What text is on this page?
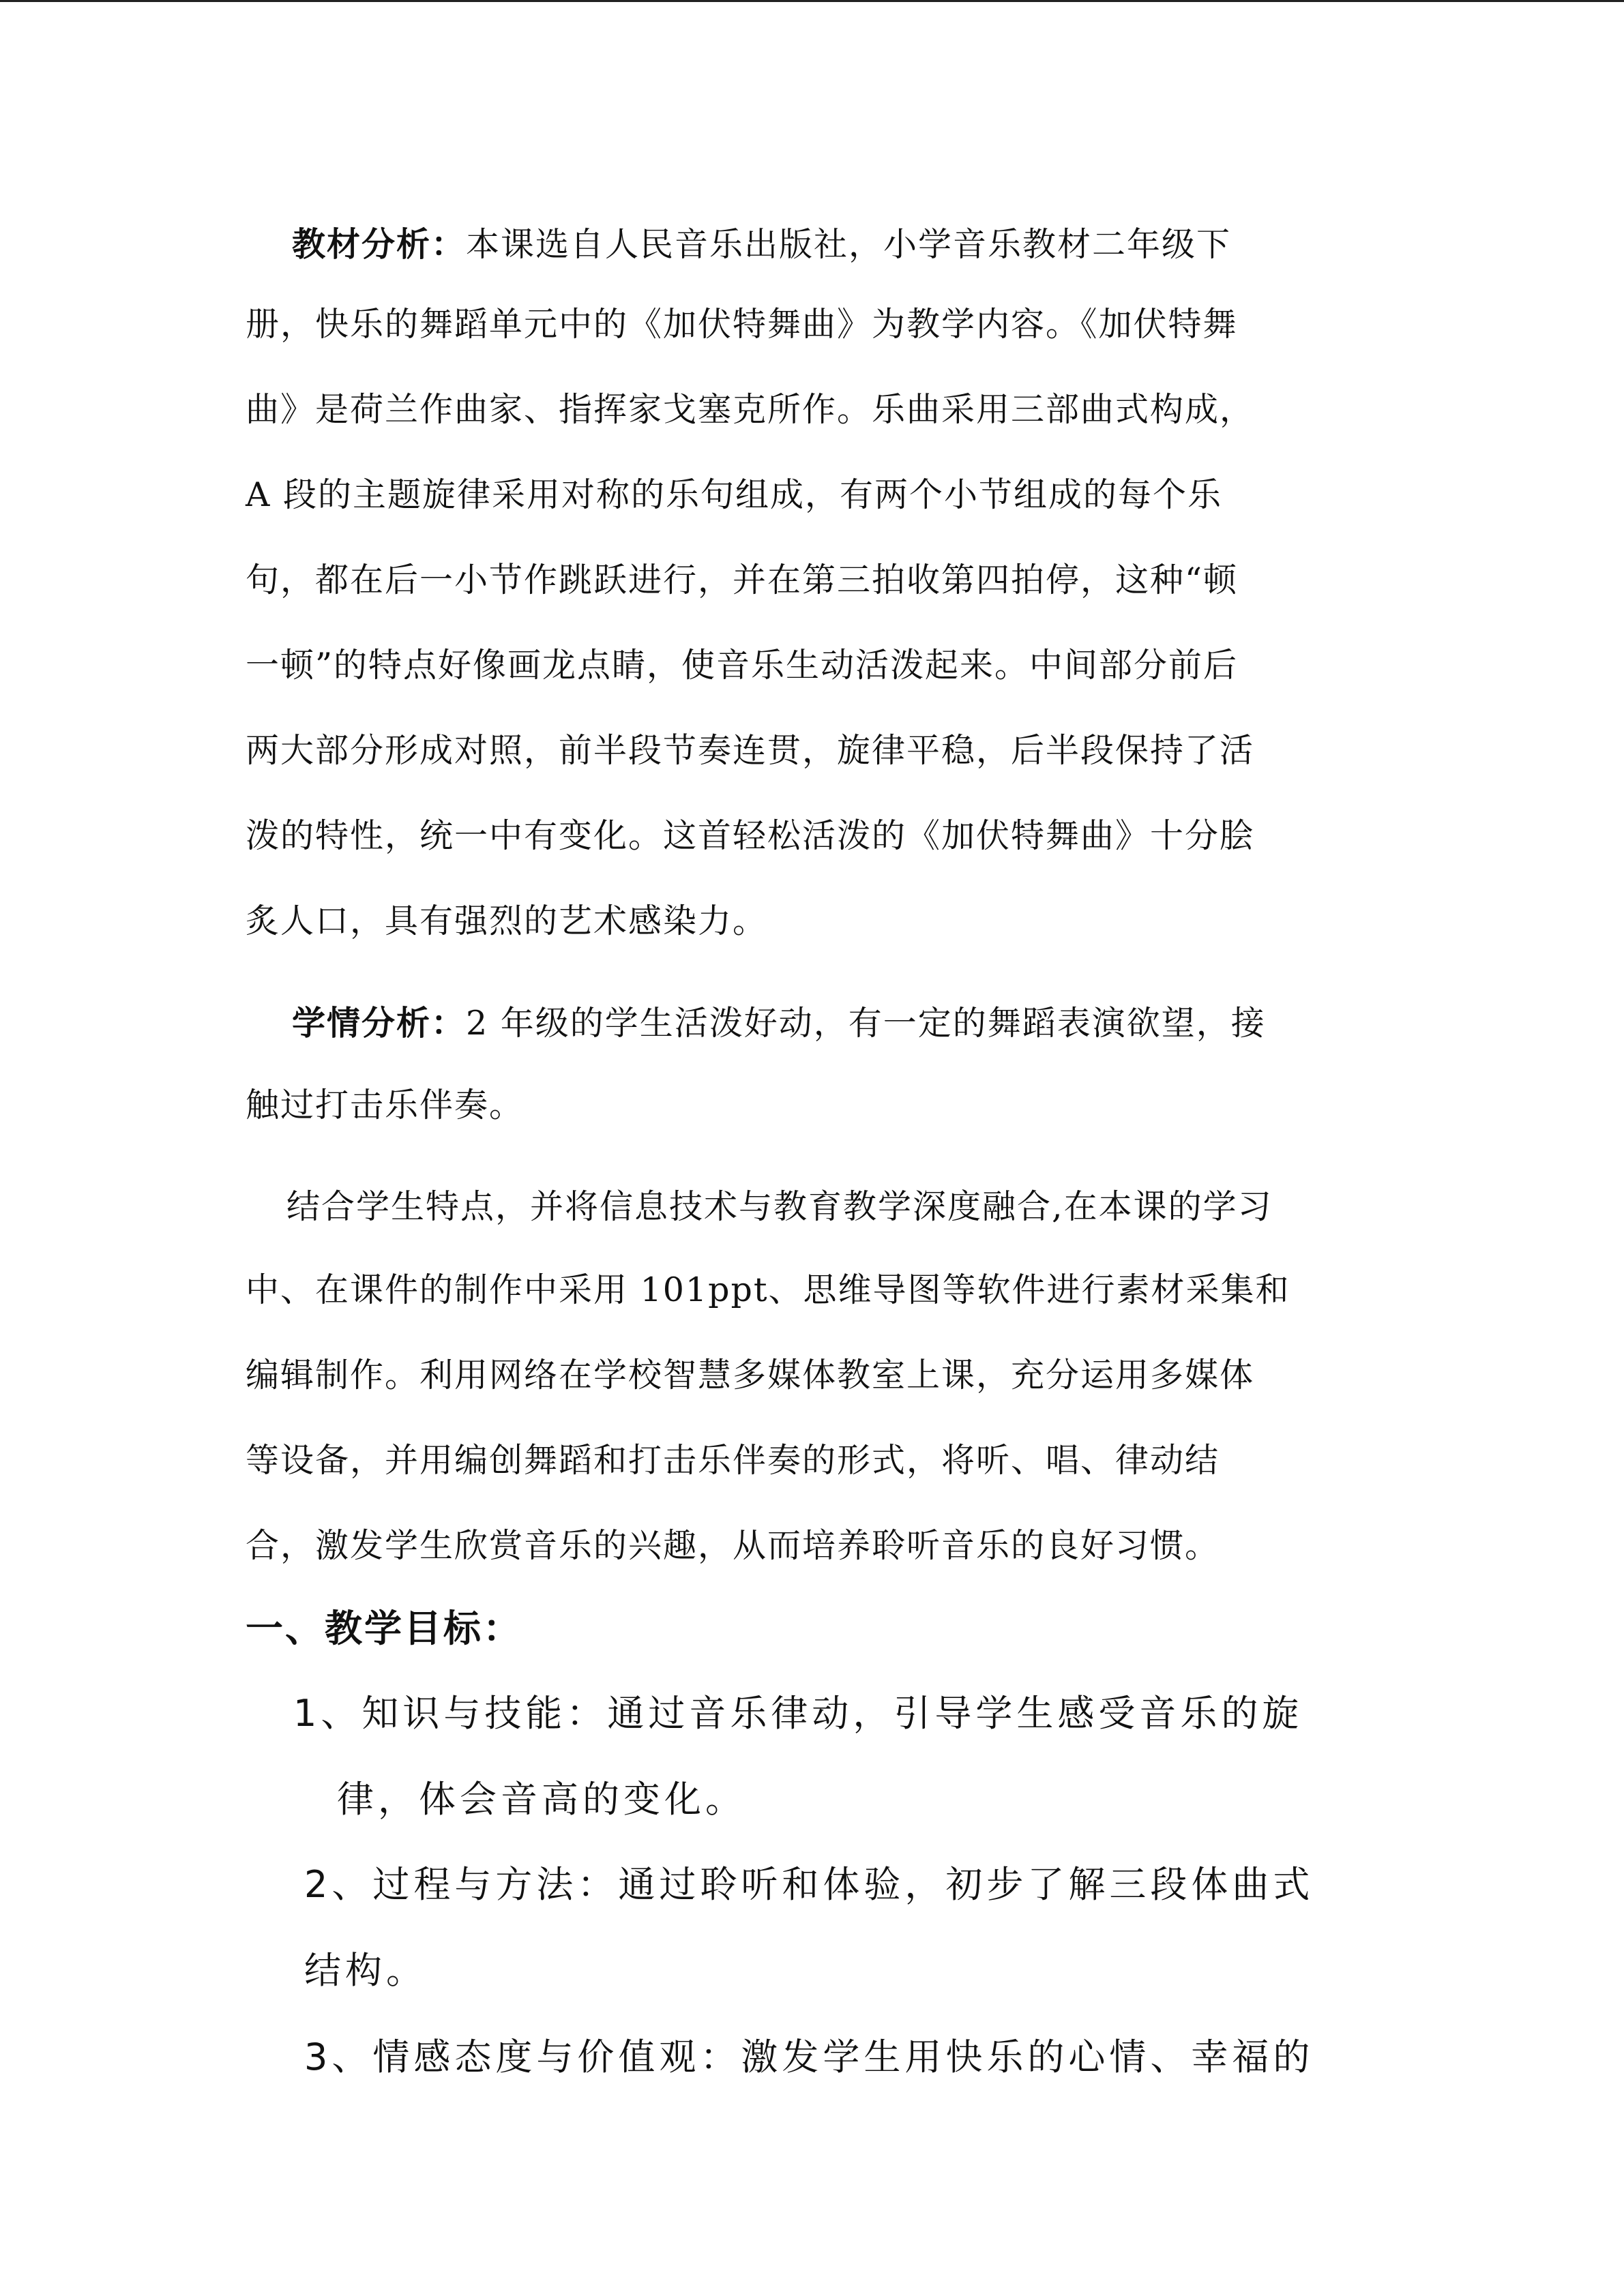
教材分析：本课选自人民音乐出版社，小学音乐教材二年级下
册，快乐的舞蹈单元中的《加伏特舞曲》为教学内容。《加伏特舞
曲》是荷兰作曲家、指挥家戈塞克所作。乐曲采用三部曲式构成，
A 段的主题旋律采用对称的乐句组成，有两个小节组成的每个乐
句，都在后一小节作跳跃进行，并在第三拍收第四拍停，这种“顿
一顿”的特点好像画龙点睛，使音乐生动活泼起来。中间部分前后
两大部分形成对照，前半段节奏连贯，旋律平稳，后半段保持了活
泼的特性，统一中有变化。这首轻松活泼的《加伏特舞曲》十分脍
炙人口，具有强烈的艺术感染力。
学情分析：2 年级的学生活泼好动，有一定的舞蹈表演欲望，接
触过打击乐伴奏。
结合学生特点，并将信息技术与教育教学深度融合,在本课的学习
中、在课件的制作中采用 101ppt、思维导图等软件进行素材采集和
编辑制作。利用网络在学校智慧多媒体教室上课，充分运用多媒体
等设备，并用编创舞蹈和打击乐伴奏的形式，将听、唱、律动结
合，激发学生欣赏音乐的兴趣，从而培养聆听音乐的良好习惯。
一、教学目标：
1、知识与技能：通过音乐律动，引导学生感受音乐的旋
律，体会音高的变化。
2、过程与方法：通过聆听和体验，初步了解三段体曲式
结构。
3、情感态度与价值观：激发学生用快乐的心情、幸福的
